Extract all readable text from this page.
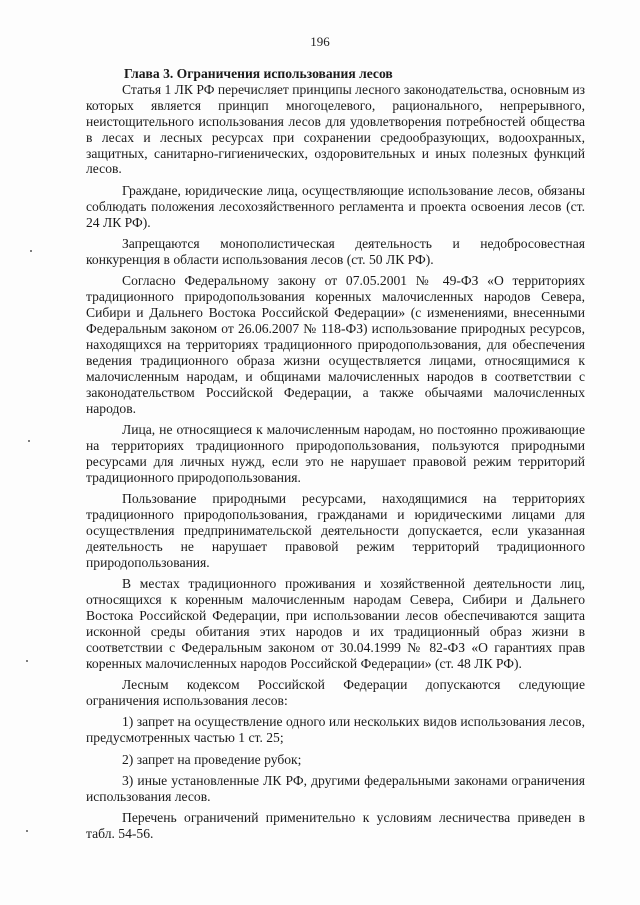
196
Глава 3. Ограничения использования лесов

Статья 1 ЛК РФ перечисляет принципы лесного законодательства, основным из которых является принцип многоцелевого, рационального, непрерывного, неистощительного использования лесов для удовлетворения потребностей общества в лесах и лесных ресурсах при сохранении средообразующих, водоохранных, защитных, санитарно-гигиенических, оздоровительных и иных полезных функций лесов.

Граждане, юридические лица, осуществляющие использование лесов, обязаны соблюдать положения лесохозяйственного регламента и проекта освоения лесов (ст. 24 ЛК РФ).

Запрещаются монополистическая деятельность и недобросовестная конкуренция в области использования лесов (ст. 50 ЛК РФ).

Согласно Федеральному закону от 07.05.2001 № 49-ФЗ «О территориях традиционного природопользования коренных малочисленных народов Севера, Сибири и Дальнего Востока Российской Федерации» (с изменениями, внесенными Федеральным законом от 26.06.2007 № 118-ФЗ) использование природных ресурсов, находящихся на территориях традиционного природопользования, для обеспечения ведения традиционного образа жизни осуществляется лицами, относящимися к малочисленным народам, и общинами малочисленных народов в соответствии с законодательством Российской Федерации, а также обычаями малочисленных народов.

Лица, не относящиеся к малочисленным народам, но постоянно проживающие на территориях традиционного природопользования, пользуются природными ресурсами для личных нужд, если это не нарушает правовой режим территорий традиционного природопользования.

Пользование природными ресурсами, находящимися на территориях традиционного природопользования, гражданами и юридическими лицами для осуществления предпринимательской деятельности допускается, если указанная деятельность не нарушает правовой режим территорий традиционного природопользования.

В местах традиционного проживания и хозяйственной деятельности лиц, относящихся к коренным малочисленным народам Севера, Сибири и Дальнего Востока Российской Федерации, при использовании лесов обеспечиваются защита исконной среды обитания этих народов и их традиционный образ жизни в соответствии с Федеральным законом от 30.04.1999 № 82-ФЗ «О гарантиях прав коренных малочисленных народов Российской Федерации» (ст. 48 ЛК РФ).

Лесным кодексом Российской Федерации допускаются следующие ограничения использования лесов:

1) запрет на осуществление одного или нескольких видов использования лесов, предусмотренных частью 1 ст. 25;

2) запрет на проведение рубок;

3) иные установленные ЛК РФ, другими федеральными законами ограничения использования лесов.

Перечень ограничений применительно к условиям лесничества приведен в табл. 54-56.
